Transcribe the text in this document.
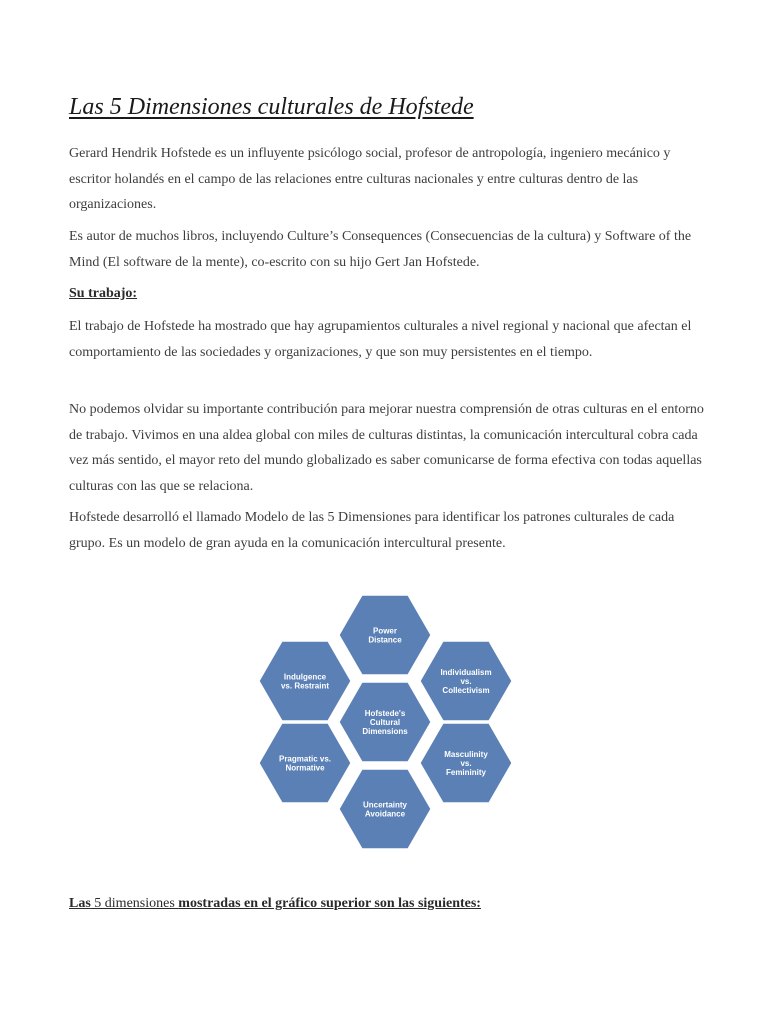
Las 5 Dimensiones culturales de Hofstede

Gerard Hendrik Hofstede es un influyente psicólogo social, profesor de antropología, ingeniero mecánico y escritor holandés en el campo de las relaciones entre culturas nacionales y entre culturas dentro de las organizaciones.

Es autor de muchos libros, incluyendo Culture’s Consequences (Consecuencias de la cultura) y Software of the Mind (El software de la mente), co-escrito con su hijo Gert Jan Hofstede.

Su trabajo:

El trabajo de Hofstede ha mostrado que hay agrupamientos culturales a nivel regional y nacional que afectan el comportamiento de las sociedades y organizaciones, y que son muy persistentes en el tiempo.

No podemos olvidar su importante contribución para mejorar nuestra comprensión de otras culturas en el entorno de trabajo. Vivimos en una aldea global con miles de culturas distintas, la comunicación intercultural cobra cada vez más sentido, el mayor reto del mundo globalizado es saber comunicarse de forma efectiva con todas aquellas culturas con las que se relaciona.

Hofstede desarrolló el llamado Modelo de las 5 Dimensiones para identificar los patrones culturales de cada grupo. Es un modelo de gran ayuda en la comunicación intercultural presente.

Power
Distance
Individualism
vs.
Collectivism
Masculinity
vs.
Femininity
Uncertainty
Avoidance
Pragmatic vs.
Normative
Indulgence
vs. Restraint
Hofstede's
Cultural
Dimensions

Las 5 dimensiones mostradas en el gráfico superior son las siguientes:
